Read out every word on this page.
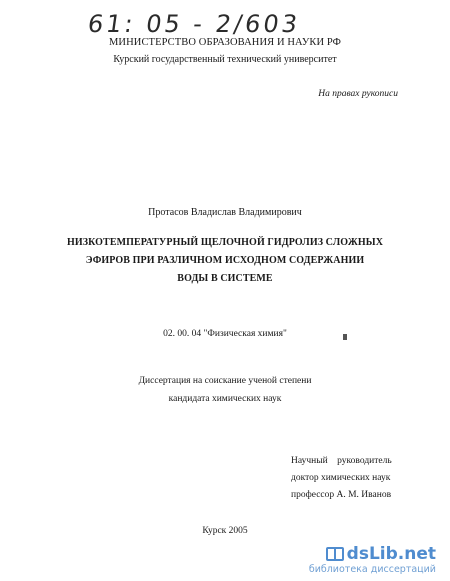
61: 05 - 2/603
МИНИСТЕРСТВО ОБРАЗОВАНИЯ И НАУКИ РФ
Курский государственный технический университет
На правах рукописи
Протасов Владислав Владимирович
НИЗКОТЕМПЕРАТУРНЫЙ ЩЕЛОЧНОЙ ГИДРОЛИЗ СЛОЖНЫХ
ЭФИРОВ ПРИ РАЗЛИЧНОМ ИСХОДНОМ СОДЕРЖАНИИ
ВОДЫ В СИСТЕМЕ
02. 00. 04 "Физическая химия"
Диссертация на соискание ученой степени
кандидата химических наук
Научный    руководитель
доктор химических наук
профессор А. М. Иванов
Курск 2005
dsLib.net
библиотека диссертаций
